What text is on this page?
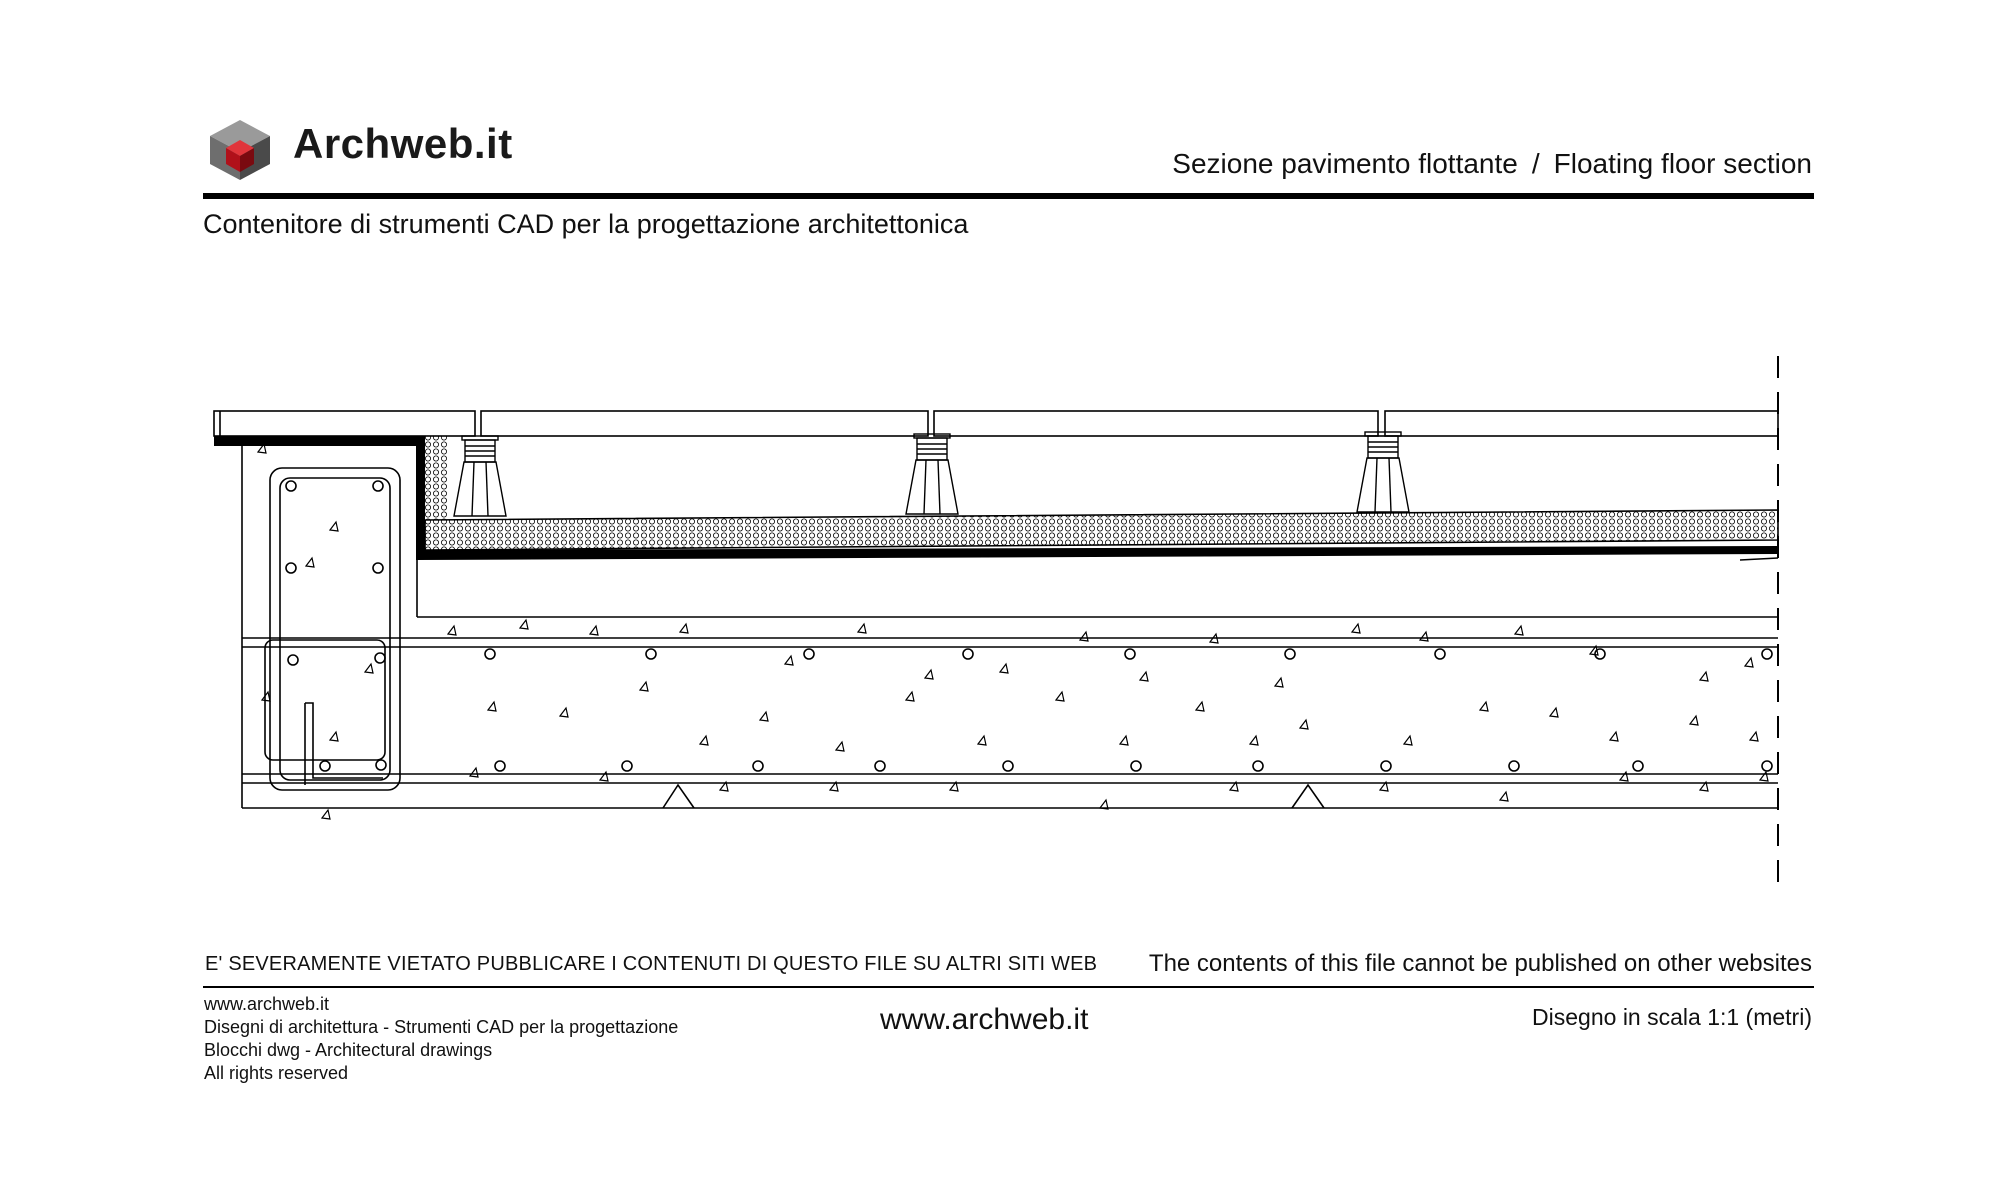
Archweb.it	Sezione pavimento flottante / Floating floor section
Contenitore di strumenti CAD per la progettazione architettonica
E' SEVERAMENTE VIETATO PUBBLICARE I CONTENUTI DI QUESTO FILE SU ALTRI SITI WEB The contents of this file cannot be published on other websites
www.archweb.it
Disegni di architettura - Strumenti CAD per la progettazione
Blocchi dwg - Architectural drawings
All rights reserved
www.archweb.it	Disegno in scala 1:1 (metri)
